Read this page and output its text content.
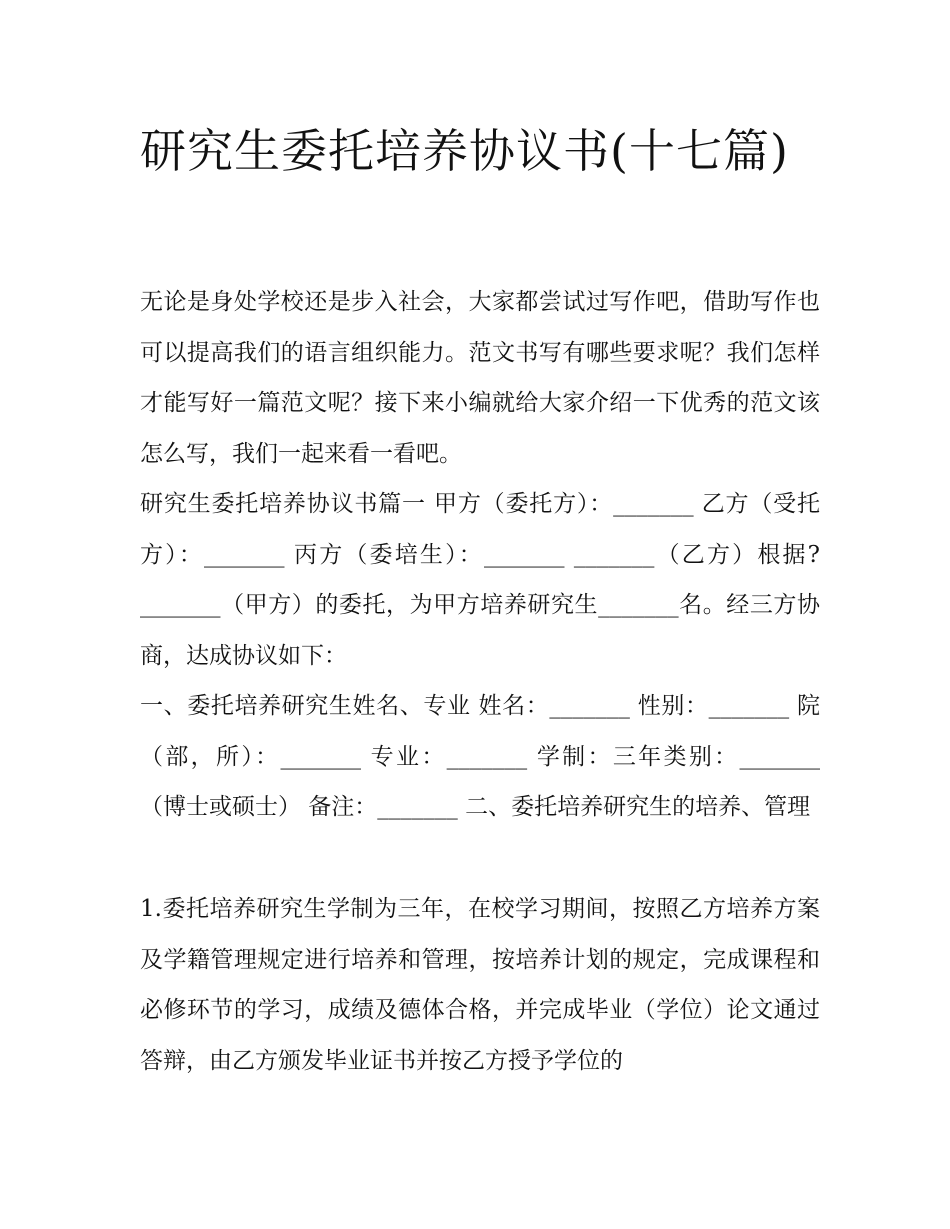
研究生委托培养协议书(十七篇)

无论是身处学校还是步入社会，大家都尝试过写作吧，借助写作也可以提高我们的语言组织能力。范文书写有哪些要求呢？我们怎样才能写好一篇范文呢？接下来小编就给大家介绍一下优秀的范文该怎么写，我们一起来看一看吧。

研究生委托培养协议书篇一 甲方（委托方）：_______ 乙方（受托方）：_______ 丙方（委培生）：_______ _______（乙方）根据?_______（甲方）的委托，为甲方培养研究生_______名。经三方协商，达成协议如下：

一、委托培养研究生姓名、专业 姓名：_______ 性别：_______ 院（部，所）：_______ 专业：_______ 学制：三年类别：_______（博士或硕士） 备注：_______ 二、委托培养研究生的培养、管理

1.委托培养研究生学制为三年，在校学习期间，按照乙方培养方案及学籍管理规定进行培养和管理，按培养计划的规定，完成课程和必修环节的学习，成绩及德体合格，并完成毕业（学位）论文通过答辩，由乙方颁发毕业证书并按乙方授予学位的
